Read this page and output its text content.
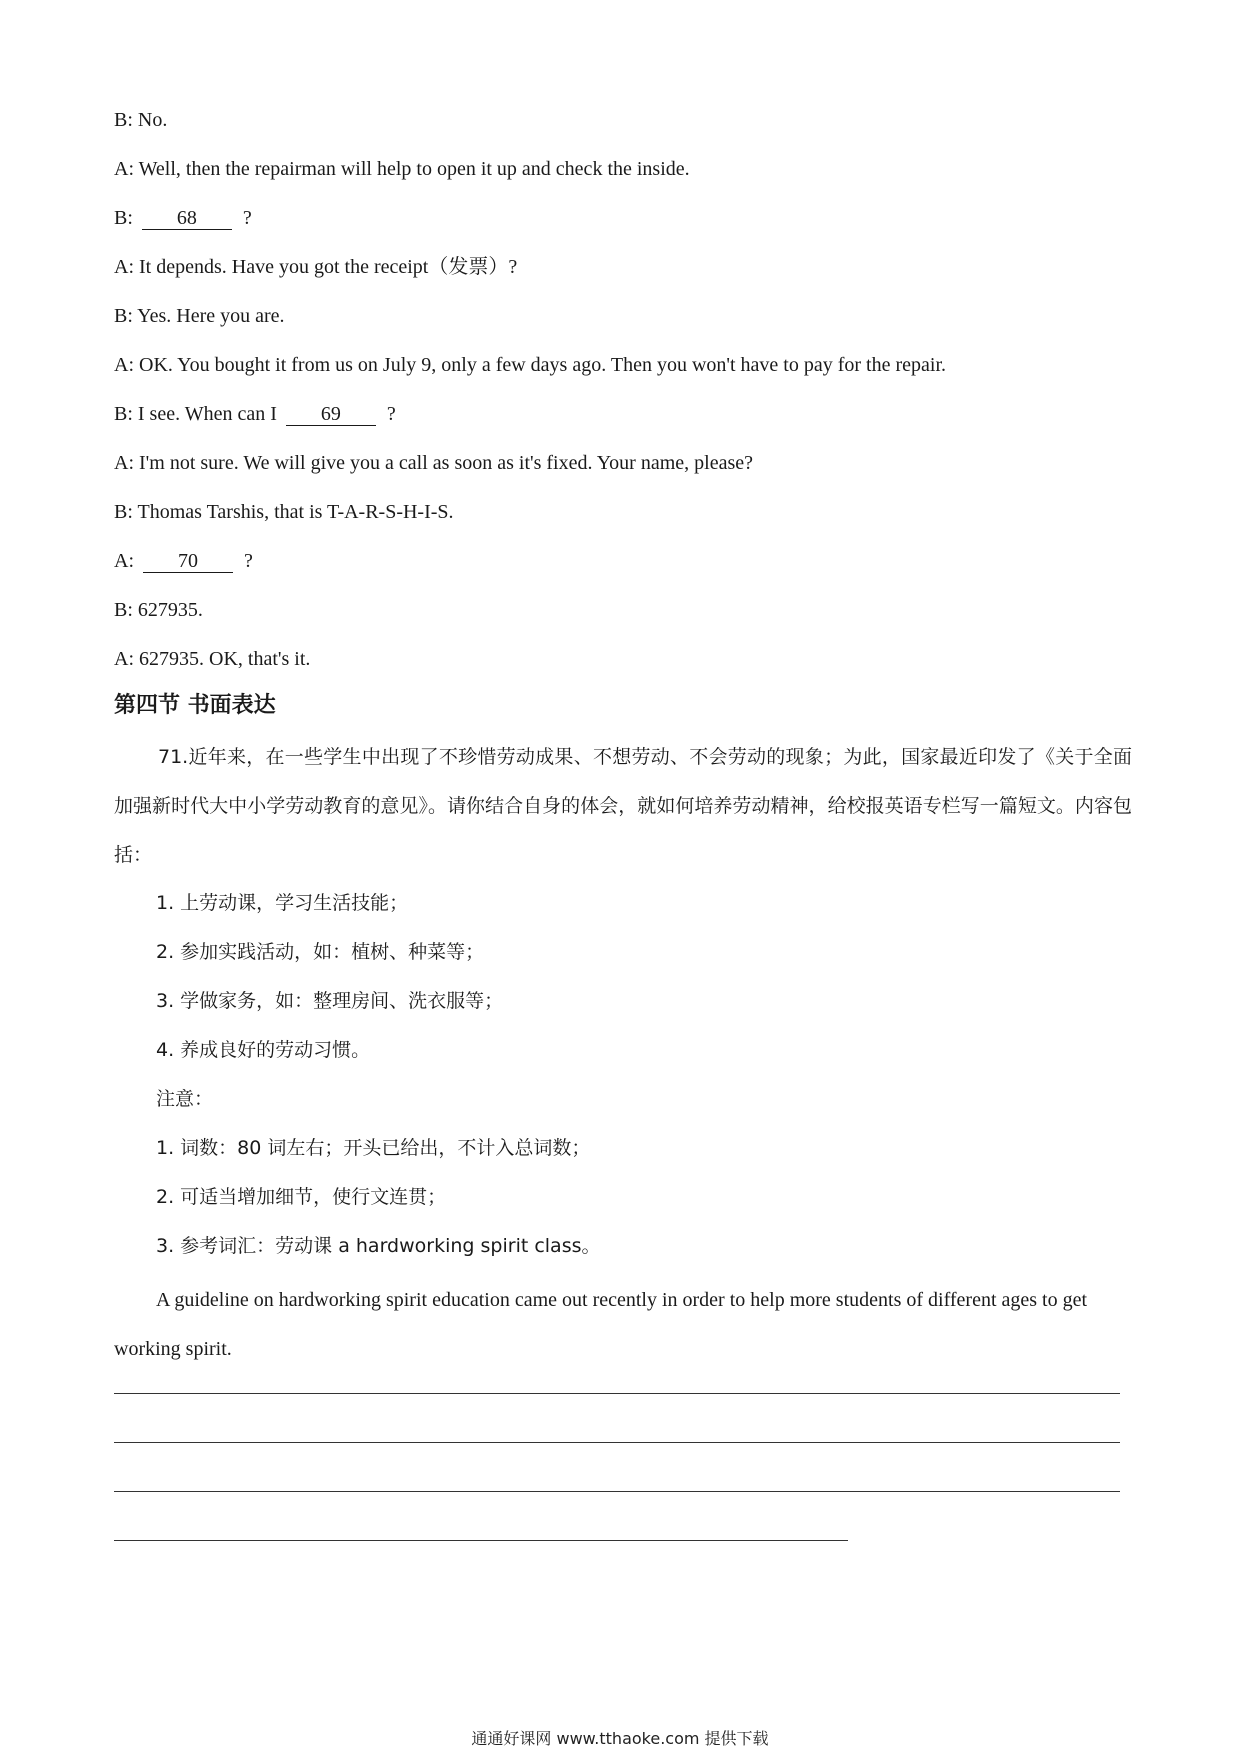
B: No.
A: Well, then the repairman will help to open it up and check the inside.
B: 68 ?
A: It depends. Have you got the receipt（发票）?
B: Yes. Here you are.
A: OK. You bought it from us on July 9, only a few days ago. Then you won't have to pay for the repair.
B: I see. When can I 69 ?
A: I'm not sure. We will give you a call as soon as it's fixed. Your name, please?
B: Thomas Tarshis, that is T-A-R-S-H-I-S.
A: 70 ?
B: 627935.
A: 627935. OK, that's it.
第四节 书面表达
71.近年来，在一些学生中出现了不珍惜劳动成果、不想劳动、不会劳动的现象；为此，国家最近印发了《关于全面加强新时代大中小学劳动教育的意见》。请你结合自身的体会，就如何培养劳动精神，给校报英语专栏写一篇短文。内容包括：
1. 上劳动课，学习生活技能；
2. 参加实践活动，如：植树、种菜等；
3. 学做家务，如：整理房间、洗衣服等；
4. 养成良好的劳动习惯。
注意：
1. 词数：80 词左右；开头已给出，不计入总词数；
2. 可适当增加细节，使行文连贯；
3. 参考词汇：劳动课 a hardworking spirit class。
A guideline on hardworking spirit education came out recently in order to help more students of different ages to get working spirit.
通通好课网 www.tthaoke.com 提供下载
